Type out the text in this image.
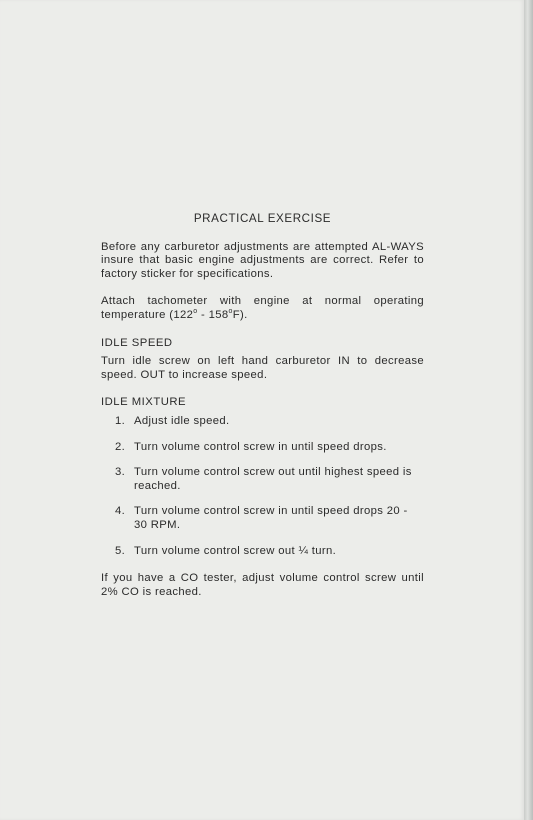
PRACTICAL EXERCISE

Before any carburetor adjustments are attempted AL-WAYS insure that basic engine adjustments are correct. Refer to factory sticker for specifications.

Attach tachometer with engine at normal operating temperature (122$^o$ - 158$^o$F).

IDLE SPEED

Turn idle screw on left hand carburetor IN to decrease speed. OUT to increase speed.

IDLE MIXTURE
1. Adjust idle speed.
2. Turn volume control screw in until speed drops.
3. Turn volume control screw out until highest speed is reached.
4. Turn volume control screw in until speed drops 20 - 30 RPM.
5. Turn volume control screw out ¼ turn.

If you have a CO tester, adjust volume control screw until 2% CO is reached.
